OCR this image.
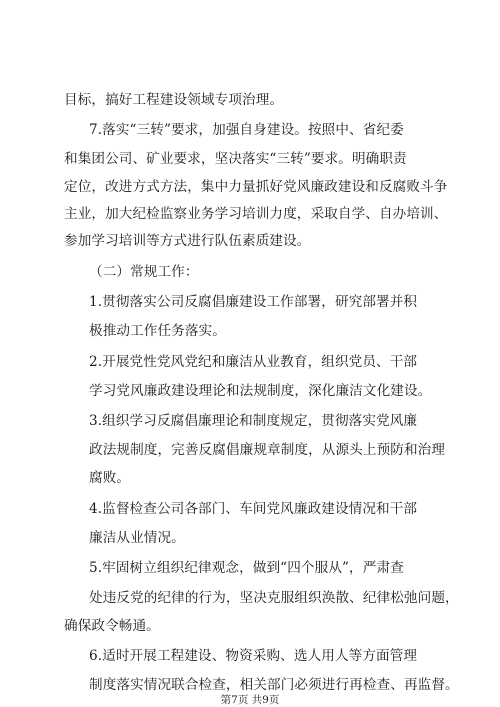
目标，搞好工程建设领域专项治理。
7.落实“三转”要求，加强自身建设。按照中、省纪委
和集团公司、矿业要求，坚决落实“三转”要求。明确职责
定位，改进方式方法，集中力量抓好党风廉政建设和反腐败斗争
主业，加大纪检监察业务学习培训力度，采取自学、自办培训、
参加学习培训等方式进行队伍素质建设。
（二）常规工作：
1.贯彻落实公司反腐倡廉建设工作部署，研究部署并积
极推动工作任务落实。
2.开展党性党风党纪和廉洁从业教育，组织党员、干部
学习党风廉政建设理论和法规制度，深化廉洁文化建设。
3.组织学习反腐倡廉理论和制度规定，贯彻落实党风廉
政法规制度，完善反腐倡廉规章制度，从源头上预防和治理
腐败。
4.监督检查公司各部门、车间党风廉政建设情况和干部
廉洁从业情况。
5.牢固树立组织纪律观念，做到“四个服从”，严肃查
处违反党的纪律的行为，坚决克服组织涣散、纪律松弛问题，
确保政令畅通。
6.适时开展工程建设、物资采购、选人用人等方面管理
制度落实情况联合检查，相关部门必须进行再检查、再监督。
第7页 共9页
